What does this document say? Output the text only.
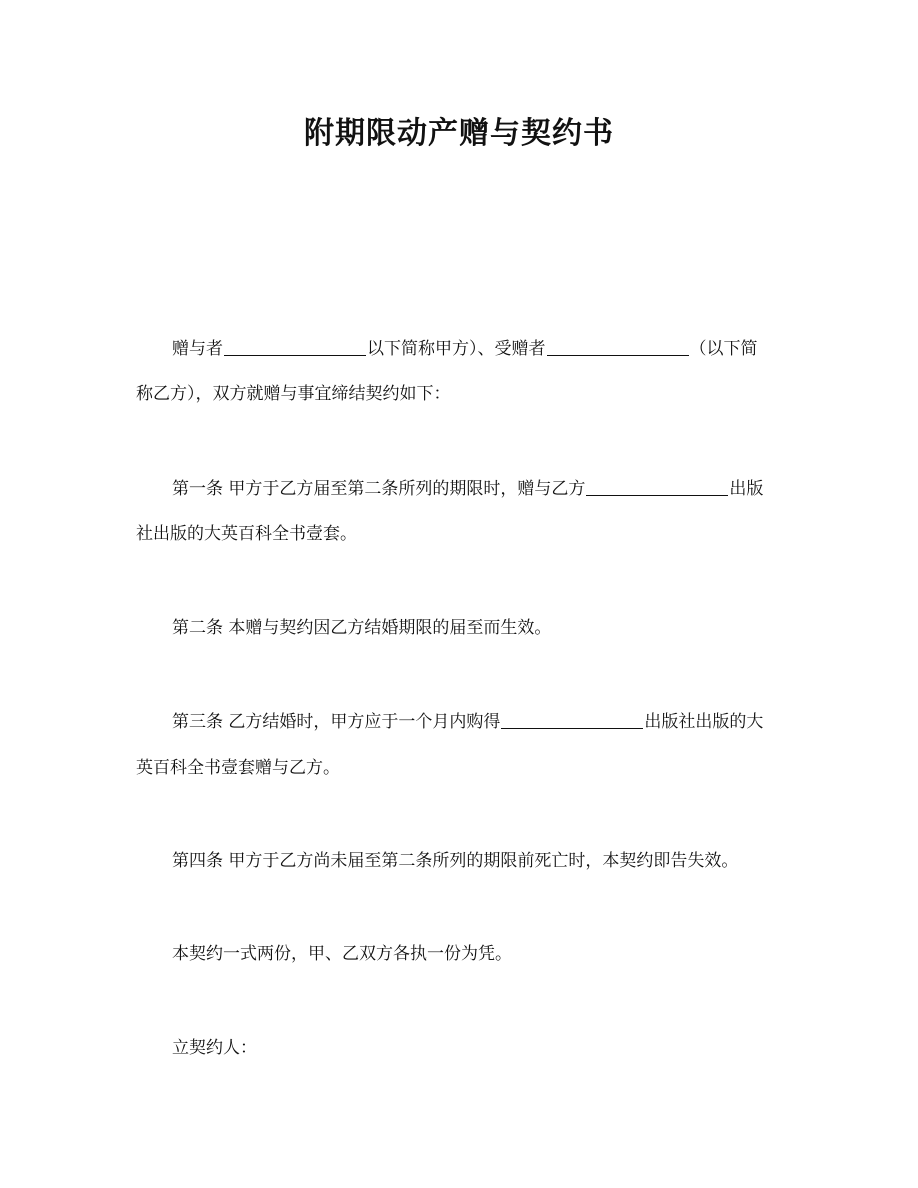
附期限动产赠与契约书
赠与者	以下简称甲方）、受赠者	（以下简
称乙方），双方就赠与事宜缔结契约如下：
第一条 甲方于乙方届至第二条所列的期限时，赠与乙方	出版
社出版的大英百科全书壹套。
第二条 本赠与契约因乙方结婚期限的届至而生效。
第三条 乙方结婚时，甲方应于一个月内购得	出版社出版的大
英百科全书壹套赠与乙方。
第四条 甲方于乙方尚未届至第二条所列的期限前死亡时，本契约即告失效。
本契约一式两份，甲、乙双方各执一份为凭。
立契约人：
